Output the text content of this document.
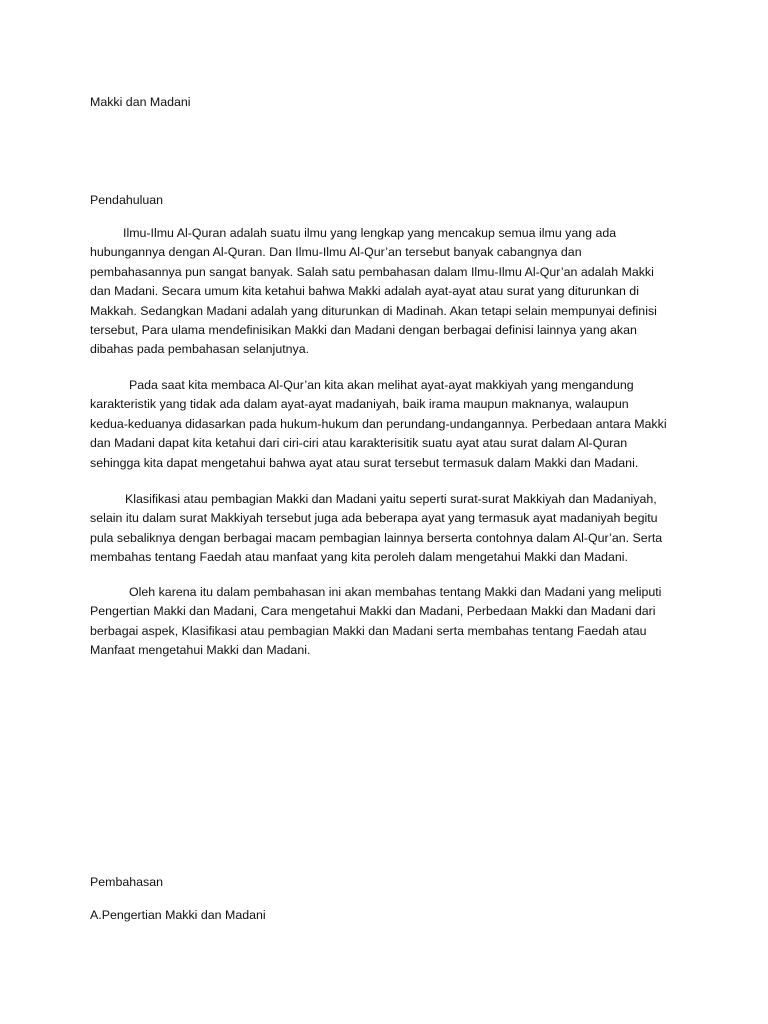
Makki dan Madani

Pendahuluan

Ilmu-Ilmu Al-Quran adalah suatu ilmu yang lengkap yang mencakup semua ilmu yang ada
hubungannya dengan Al-Quran. Dan Ilmu-Ilmu Al-Qur’an tersebut banyak cabangnya dan
pembahasannya pun sangat banyak. Salah satu pembahasan dalam Ilmu-Ilmu Al-Qur’an adalah Makki
dan Madani. Secara umum kita ketahui bahwa Makki adalah ayat-ayat atau surat yang diturunkan di
Makkah. Sedangkan Madani adalah yang diturunkan di Madinah. Akan tetapi selain mempunyai definisi
tersebut, Para ulama mendefinisikan Makki dan Madani dengan berbagai definisi lainnya yang akan
dibahas pada pembahasan selanjutnya.
Pada saat kita membaca Al-Qur’an kita akan melihat ayat-ayat makkiyah yang mengandung
karakteristik yang tidak ada dalam ayat-ayat madaniyah, baik irama maupun maknanya, walaupun
kedua-keduanya didasarkan pada hukum-hukum dan perundang-undangannya. Perbedaan antara Makki
dan Madani dapat kita ketahui dari ciri-ciri atau karakterisitik suatu ayat atau surat dalam Al-Quran
sehingga kita dapat mengetahui bahwa ayat atau surat tersebut termasuk dalam Makki dan Madani.
Klasifikasi atau pembagian Makki dan Madani yaitu seperti surat-surat Makkiyah dan Madaniyah,
selain itu dalam surat Makkiyah tersebut juga ada beberapa ayat yang termasuk ayat madaniyah begitu
pula sebaliknya dengan berbagai macam pembagian lainnya berserta contohnya dalam Al-Qur’an. Serta
membahas tentang Faedah atau manfaat yang kita peroleh dalam mengetahui Makki dan Madani.
Oleh karena itu dalam pembahasan ini akan membahas tentang Makki dan Madani yang meliputi
Pengertian Makki dan Madani, Cara mengetahui Makki dan Madani, Perbedaan Makki dan Madani dari
berbagai aspek, Klasifikasi atau pembagian Makki dan Madani serta membahas tentang Faedah atau
Manfaat mengetahui Makki dan Madani.

Pembahasan

A.Pengertian Makki dan Madani
